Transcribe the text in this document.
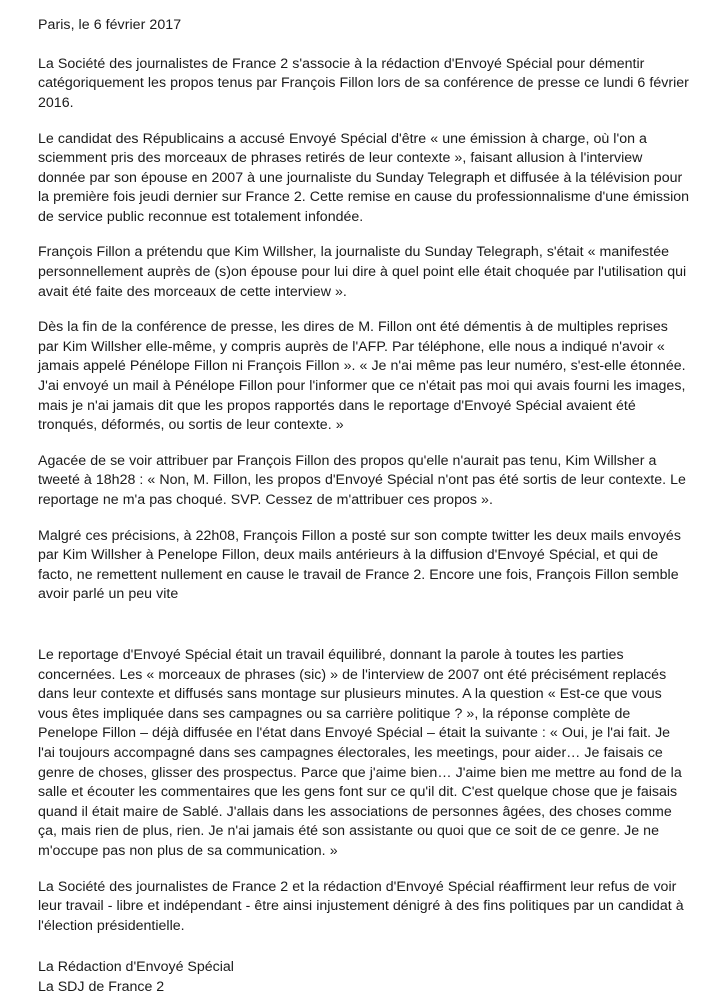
Paris, le 6 février 2017

La Société des journalistes de France 2 s'associe à la rédaction d'Envoyé Spécial pour démentir catégoriquement les propos tenus par François Fillon lors de sa conférence de presse ce lundi 6 février 2016.

Le candidat des Républicains a accusé Envoyé Spécial d'être « une émission à charge, où l'on a sciemment pris des morceaux de phrases retirés de leur contexte », faisant allusion à l'interview donnée par son épouse en 2007 à une journaliste du Sunday Telegraph et diffusée à la télévision pour la première fois jeudi dernier sur France 2. Cette remise en cause du professionnalisme d'une émission de service public reconnue est totalement infondée.

François Fillon a prétendu que Kim Willsher, la journaliste du Sunday Telegraph, s'était « manifestée personnellement auprès de (s)on épouse pour lui dire à quel point elle était choquée par l'utilisation qui avait été faite des morceaux de cette interview ».

Dès la fin de la conférence de presse, les dires de M. Fillon ont été démentis à de multiples reprises par Kim Willsher elle-même, y compris auprès de l'AFP. Par téléphone, elle nous a indiqué n'avoir « jamais appelé Pénélope Fillon ni François Fillon ». « Je n'ai même pas leur numéro, s'est-elle étonnée. J'ai envoyé un mail à Pénélope Fillon pour l'informer que ce n'était pas moi qui avais fourni les images, mais je n'ai jamais dit que les propos rapportés dans le reportage d'Envoyé Spécial avaient été tronqués, déformés, ou sortis de leur contexte. »

Agacée de se voir attribuer par François Fillon des propos qu'elle n'aurait pas tenu, Kim Willsher a tweeté à 18h28 : « Non, M. Fillon, les propos d'Envoyé Spécial n'ont pas été sortis de leur contexte. Le reportage ne m'a pas choqué. SVP. Cessez de m'attribuer ces propos ».

Malgré ces précisions, à 22h08, François Fillon a posté sur son compte twitter les deux mails envoyés par Kim Willsher à Penelope Fillon, deux mails antérieurs à la diffusion d'Envoyé Spécial, et qui de facto, ne remettent nullement en cause le travail de France 2. Encore une fois, François Fillon semble avoir parlé un peu vite

Le reportage d'Envoyé Spécial était un travail équilibré, donnant la parole à toutes les parties concernées. Les « morceaux de phrases (sic) » de l'interview de 2007 ont été précisément replacés dans leur contexte et diffusés sans montage sur plusieurs minutes. A la question « Est-ce que vous vous êtes impliquée dans ses campagnes ou sa carrière politique ? », la réponse complète de Penelope Fillon – déjà diffusée en l'état dans Envoyé Spécial – était la suivante : « Oui, je l'ai fait. Je l'ai toujours accompagné dans ses campagnes électorales, les meetings, pour aider… Je faisais ce genre de choses, glisser des prospectus. Parce que j'aime bien… J'aime bien me mettre au fond de la salle et écouter les commentaires que les gens font sur ce qu'il dit. C'est quelque chose que je faisais quand il était maire de Sablé. J'allais dans les associations de personnes âgées, des choses comme ça, mais rien de plus, rien. Je n'ai jamais été son assistante ou quoi que ce soit de ce genre. Je ne m'occupe pas non plus de sa communication. »

La Société des journalistes de France 2 et la rédaction d'Envoyé Spécial réaffirment leur refus de voir leur travail - libre et indépendant - être ainsi injustement dénigré à des fins politiques par un candidat à l'élection présidentielle.

La Rédaction d'Envoyé Spécial
La SDJ de France 2
